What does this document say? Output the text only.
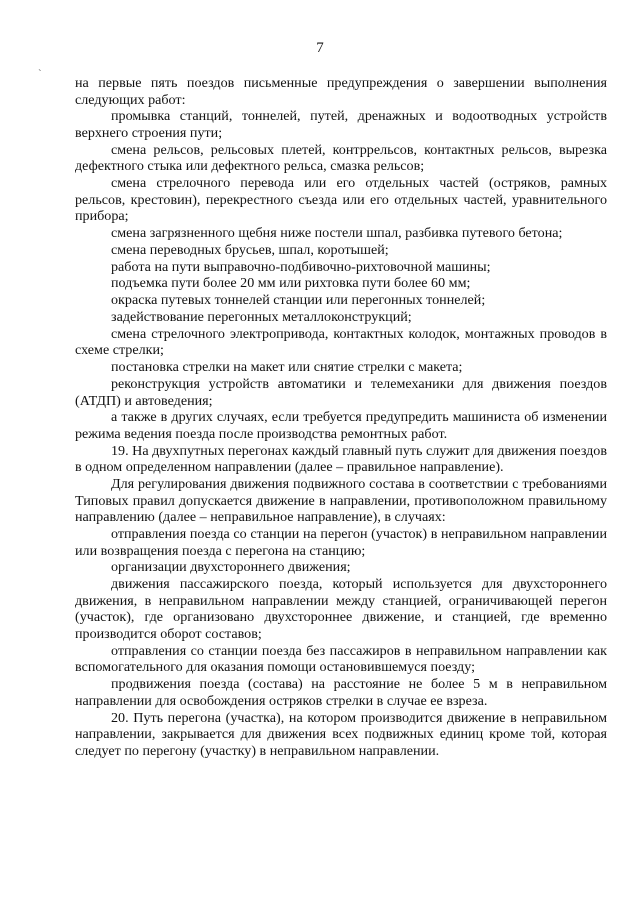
7
`

на первые пять поездов письменные предупреждения о завершении выполнения следующих работ:

промывка станций, тоннелей, путей, дренажных и водоотводных устройств верхнего строения пути;

смена рельсов, рельсовых плетей, контррельсов, контактных рельсов, вырезка дефектного стыка или дефектного рельса, смазка рельсов;

смена стрелочного перевода или его отдельных частей (остряков, рамных рельсов, крестовин), перекрестного съезда или его отдельных частей, уравнительного прибора;

смена загрязненного щебня ниже постели шпал, разбивка путевого бетона;

смена переводных брусьев, шпал, коротышей;

работа на пути выправочно-подбивочно-рихтовочной машины;

подъемка пути более 20 мм или рихтовка пути более 60 мм;

окраска путевых тоннелей станции или перегонных тоннелей;

задействование перегонных металлоконструкций;

смена стрелочного электропривода, контактных колодок, монтажных проводов в схеме стрелки;

постановка стрелки на макет или снятие стрелки с макета;

реконструкция устройств автоматики и телемеханики для движения поездов (АТДП) и автоведения;

а также в других случаях, если требуется предупредить машиниста об изменении режима ведения поезда после производства ремонтных работ.

19. На двухпутных перегонах каждый главный путь служит для движения поездов в одном определенном направлении (далее – правильное направление).

Для регулирования движения подвижного состава в соответствии с требованиями Типовых правил допускается движение в направлении, противоположном правильному направлению (далее – неправильное направление), в случаях:

отправления поезда со станции на перегон (участок) в неправильном направлении или возвращения поезда с перегона на станцию;

организации двухстороннего движения;

движения пассажирского поезда, который используется для двухстороннего движения, в неправильном направлении между станцией, ограничивающей перегон (участок), где организовано двухстороннее движение, и станцией, где временно производится оборот составов;

отправления со станции поезда без пассажиров в неправильном направлении как вспомогательного для оказания помощи остановившемуся поезду;

продвижения поезда (состава) на расстояние не более 5 м в неправильном направлении для освобождения остряков стрелки в случае ее взреза.

20. Путь перегона (участка), на котором производится движение в неправильном направлении, закрывается для движения всех подвижных единиц кроме той, которая следует по перегону (участку) в неправильном направлении.
